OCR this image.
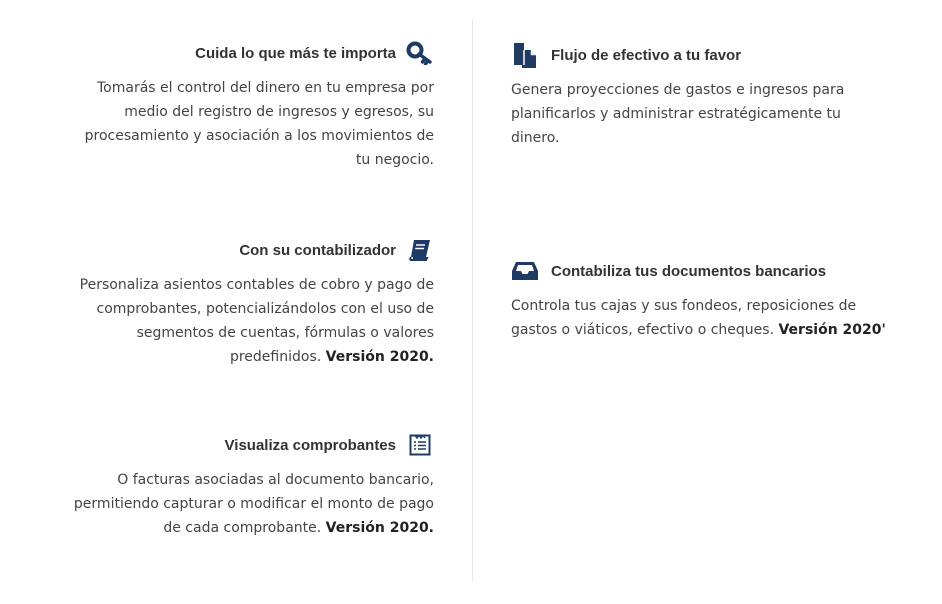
Cuida lo que más te importa

Tomarás el control del dinero en tu empresa por
medio del registro de ingresos y egresos, su
procesamiento y asociación a los movimientos de
tu negocio.

Con su contabilizador

Personaliza asientos contables de cobro y pago de
comprobantes, potencializándolos con el uso de
segmentos de cuentas, fórmulas o valores
predefinidos. Versión 2020.

Visualiza comprobantes

O facturas asociadas al documento bancario,
permitiendo capturar o modificar el monto de pago
de cada comprobante. Versión 2020.

Flujo de efectivo a tu favor

Genera proyecciones de gastos e ingresos para
planificarlos y administrar estratégicamente tu
dinero.

Contabiliza tus documentos bancarios

Controla tus cajas y sus fondeos, reposiciones de
gastos o viáticos, efectivo o cheques. Versión 2020'
